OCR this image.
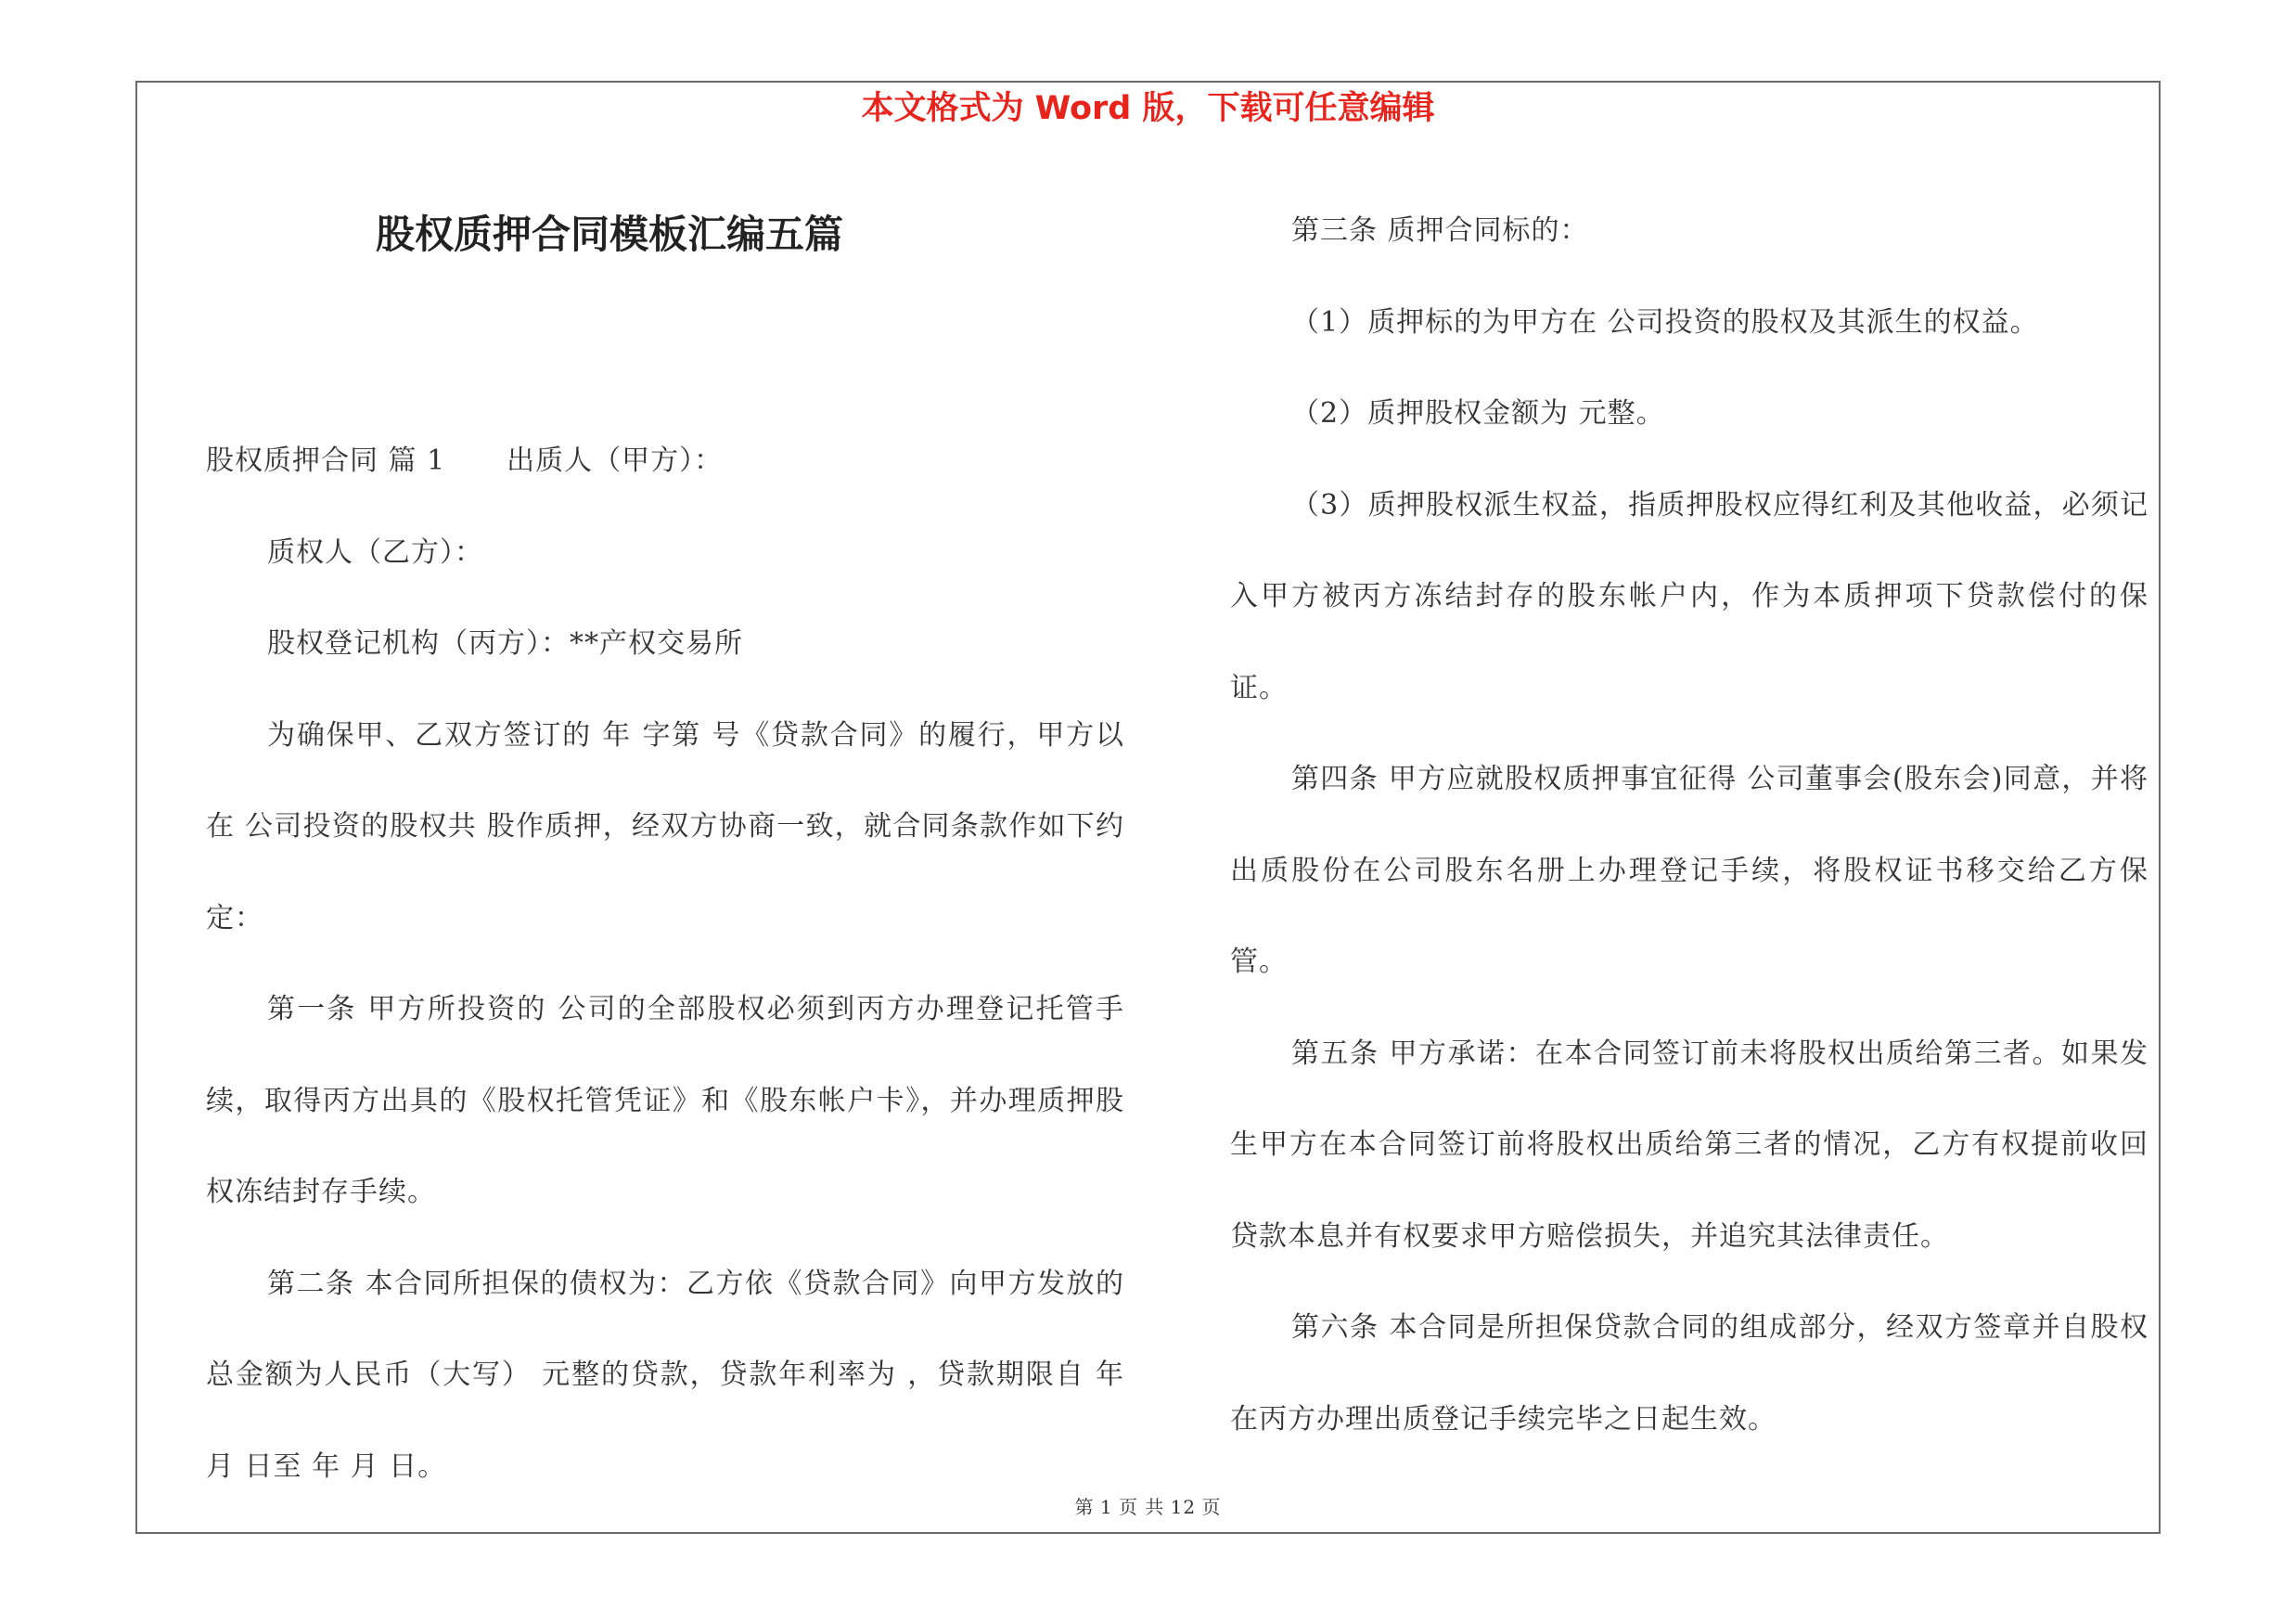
本文格式为 Word 版，下载可任意编辑
股权质押合同模板汇编五篇

股权质押合同 篇 1 出质人（甲方）：

质权人（乙方）：

股权登记机构（丙方）：**产权交易所

为确保甲、乙双方签订的 年 字第 号《贷款合同》的履行，甲方以在 公司投资的股权共 股作质押，经双方协商一致，就合同条款作如下约定：

第一条 甲方所投资的 公司的全部股权必须到丙方办理登记托管手续，取得丙方出具的《股权托管凭证》和《股东帐户卡》，并办理质押股权冻结封存手续。

第二条 本合同所担保的债权为：乙方依《贷款合同》向甲方发放的总金额为人民币（大写） 元整的贷款，贷款年利率为 ，贷款期限自 年 月 日至 年 月 日。

第三条 质押合同标的：

（1）质押标的为甲方在 公司投资的股权及其派生的权益。

（2）质押股权金额为 元整。

（3）质押股权派生权益，指质押股权应得红利及其他收益，必须记入甲方被丙方冻结封存的股东帐户内，作为本质押项下贷款偿付的保证。

第四条 甲方应就股权质押事宜征得 公司董事会(股东会)同意，并将出质股份在公司股东名册上办理登记手续，将股权证书移交给乙方保管。

第五条 甲方承诺：在本合同签订前未将股权出质给第三者。如果发生甲方在本合同签订前将股权出质给第三者的情况，乙方有权提前收回贷款本息并有权要求甲方赔偿损失，并追究其法律责任。

第六条 本合同是所担保贷款合同的组成部分，经双方签章并自股权在丙方办理出质登记手续完毕之日起生效。

第 1 页 共 12 页
